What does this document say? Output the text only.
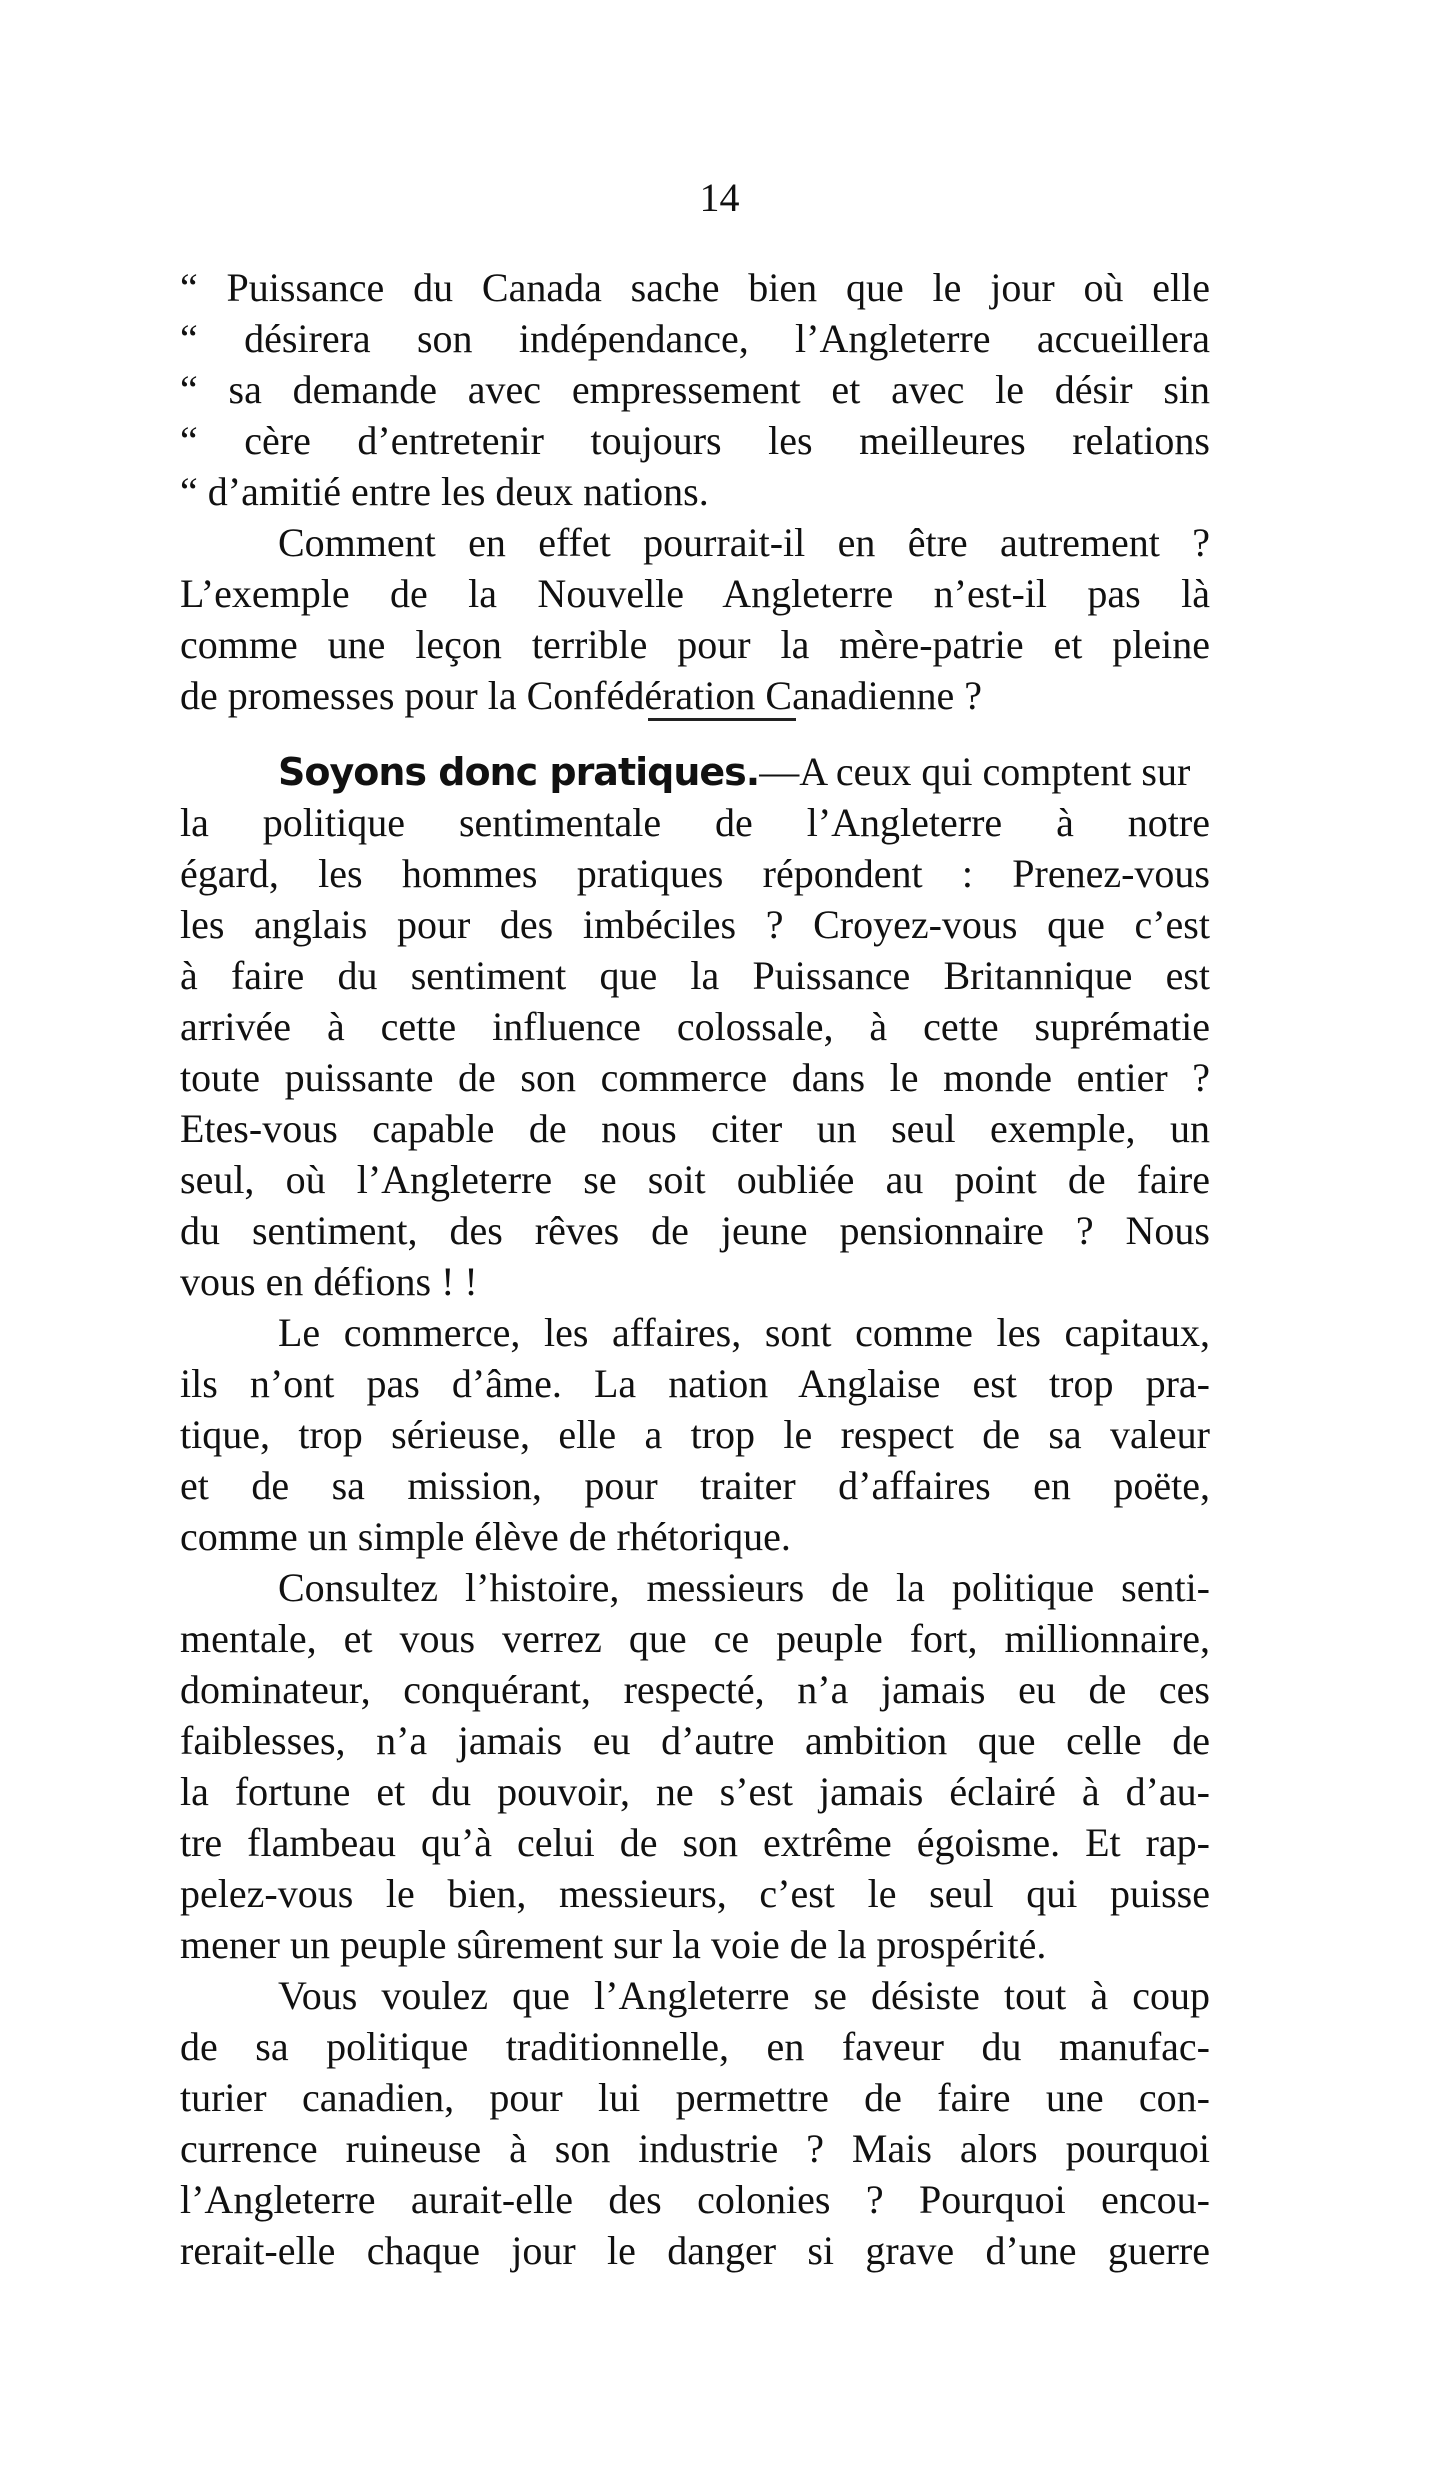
14
“ Puissance du Canada sache bien que le jour où elle
“ désirera son indépendance, l’Angleterre accueillera
“ sa demande avec empressement et avec le désir sin
“ cère d’entretenir toujours les meilleures relations
“ d’amitié entre les deux nations.
Comment en effet pourrait-il en être autrement ?
L’exemple de la Nouvelle Angleterre n’est-il pas là
comme une leçon terrible pour la mère-patrie et pleine
de promesses pour la Confédération Canadienne ?
Soyons donc pratiques.—A ceux qui comptent sur
la politique sentimentale de l’Angleterre à notre
égard, les hommes pratiques répondent : Prenez-vous
les anglais pour des imbéciles ? Croyez-vous que c’est
à faire du sentiment que la Puissance Britannique est
arrivée à cette influence colossale, à cette suprématie
toute puissante de son commerce dans le monde entier ?
Etes-vous capable de nous citer un seul exemple, un
seul, où l’Angleterre se soit oubliée au point de faire
du sentiment, des rêves de jeune pensionnaire ? Nous
vous en défions ! !
Le commerce, les affaires, sont comme les capitaux,
ils n’ont pas d’âme. La nation Anglaise est trop pra-
tique, trop sérieuse, elle a trop le respect de sa valeur
et de sa mission, pour traiter d’affaires en poëte,
comme un simple élève de rhétorique.
Consultez l’histoire, messieurs de la politique senti-
mentale, et vous verrez que ce peuple fort, millionnaire,
dominateur, conquérant, respecté, n’a jamais eu de ces
faiblesses, n’a jamais eu d’autre ambition que celle de
la fortune et du pouvoir, ne s’est jamais éclairé à d’au-
tre flambeau qu’à celui de son extrême égoisme. Et rap-
pelez-vous le bien, messieurs, c’est le seul qui puisse
mener un peuple sûrement sur la voie de la prospérité.
Vous voulez que l’Angleterre se désiste tout à coup
de sa politique traditionnelle, en faveur du manufac-
turier canadien, pour lui permettre de faire une con-
currence ruineuse à son industrie ? Mais alors pourquoi
l’Angleterre aurait-elle des colonies ? Pourquoi encou-
rerait-elle chaque jour le danger si grave d’une guerre
